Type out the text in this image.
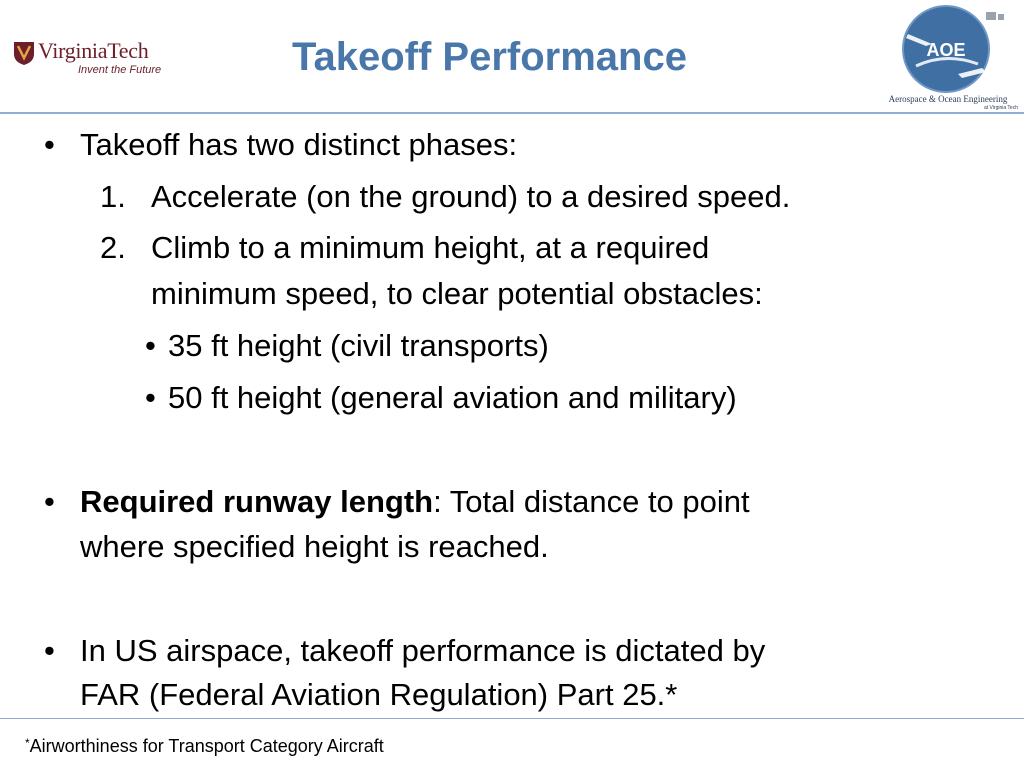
VirginiaTech
Invent the Future	Takeoff Performance	AOE
Aerospace & Ocean Engineering
at Virginia Tech
• Takeoff has two distinct phases:
1. Accelerate (on the ground) to a desired speed.
2. Climb to a minimum height, at a required
minimum speed, to clear potential obstacles:
• 35 ft height (civil transports)
• 50 ft height (general aviation and military)
• Required runway length: Total distance to point
where specified height is reached.
• In US airspace, takeoff performance is dictated by
FAR (Federal Aviation Regulation) Part 25.*
*Airworthiness for Transport Category Aircraft
